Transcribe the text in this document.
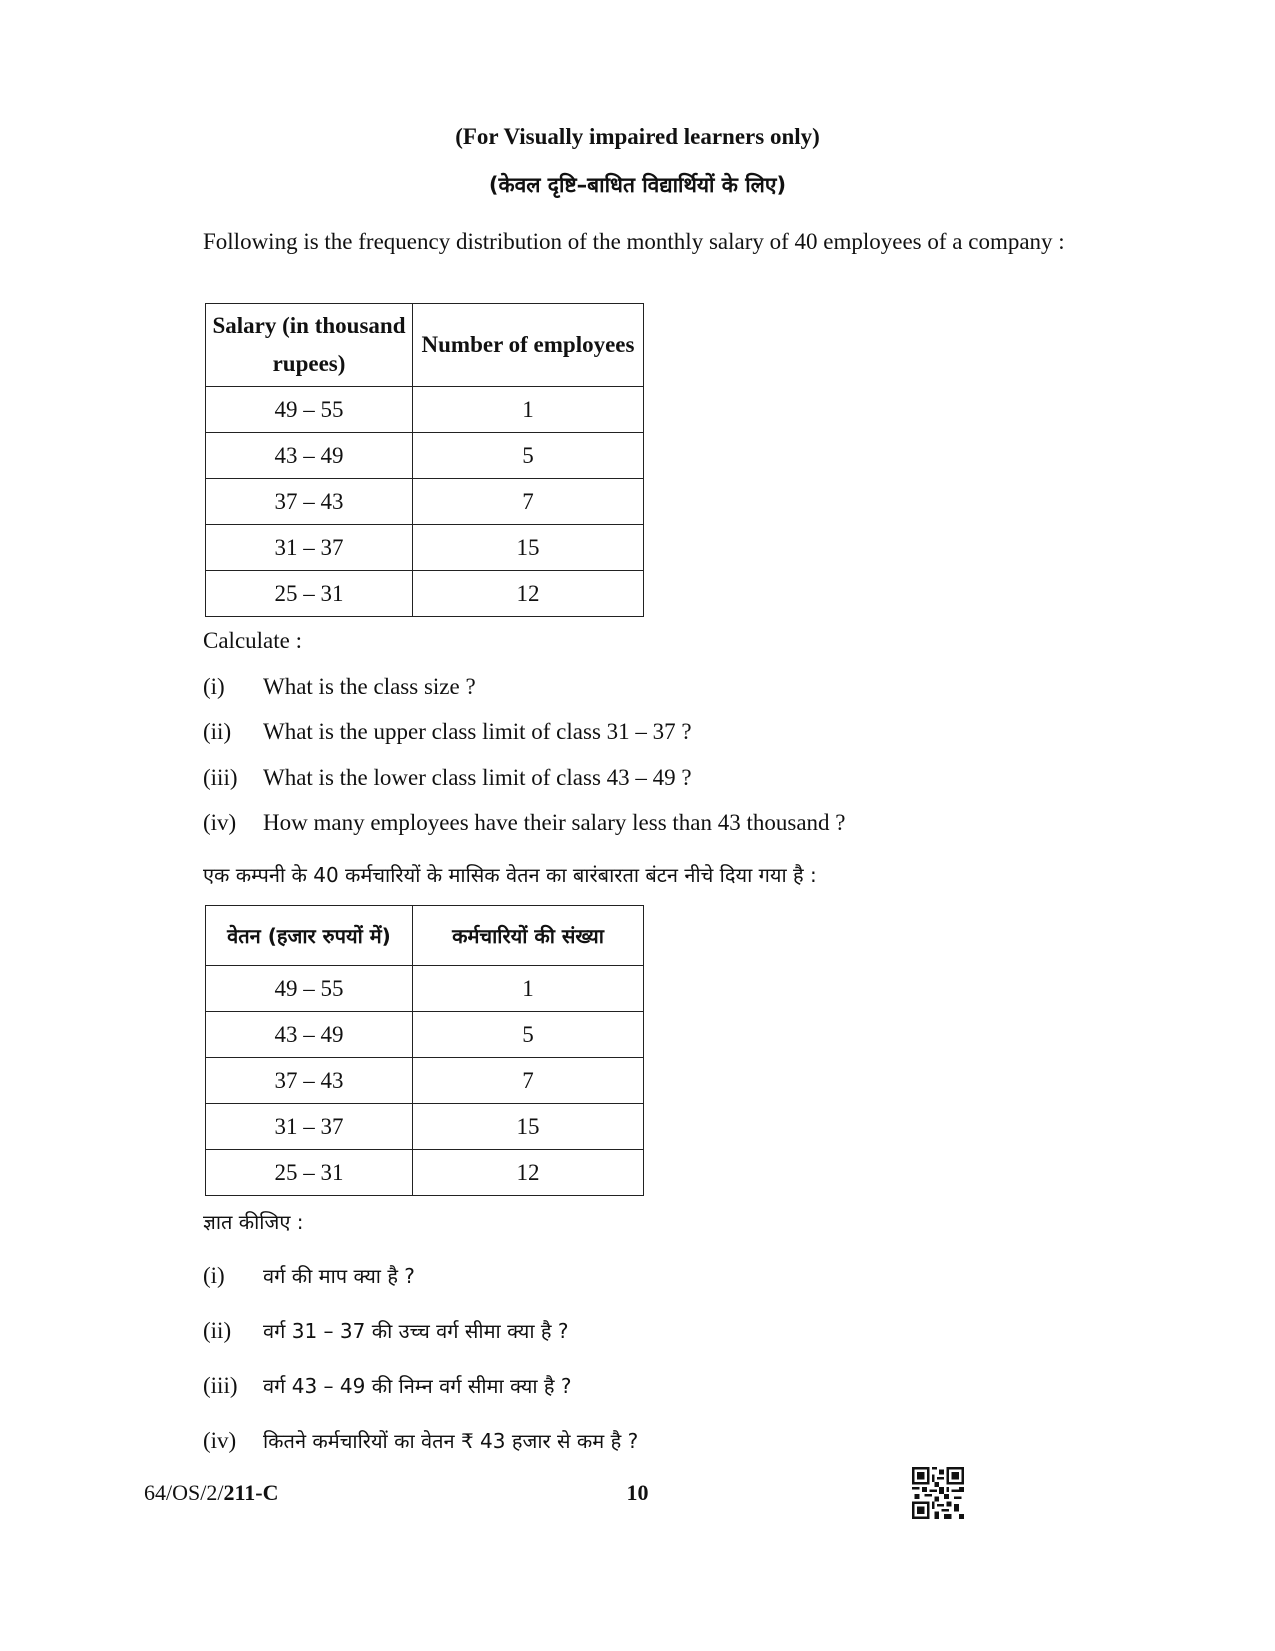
(For Visually impaired learners only)
(केवल दृष्टि–बाधित विद्यार्थियों के लिए)
Following is the frequency distribution of the monthly salary of 40 employees of a company :
Salary (in thousand rupees)	Number of employees
49 – 55	1
43 – 49	5
37 – 43	7
31 – 37	15
25 – 31	12
Calculate :
(i) What is the class size ?
(ii) What is the upper class limit of class 31 – 37 ?
(iii) What is the lower class limit of class 43 – 49 ?
(iv) How many employees have their salary less than 43 thousand ?
एक कम्पनी के 40 कर्मचारियों के मासिक वेतन का बारंबारता बंटन नीचे दिया गया है :
वेतन (हजार रुपयों में)	कर्मचारियों की संख्या
49 – 55	1
43 – 49	5
37 – 43	7
31 – 37	15
25 – 31	12
ज्ञात कीजिए :
(i) वर्ग की माप क्या है ?
(ii) वर्ग 31 – 37 की उच्च वर्ग सीमा क्या है ?
(iii) वर्ग 43 – 49 की निम्न वर्ग सीमा क्या है ?
(iv) कितने कर्मचारियों का वेतन ₹ 43 हजार से कम है ?
64/OS/2/211-C	10
